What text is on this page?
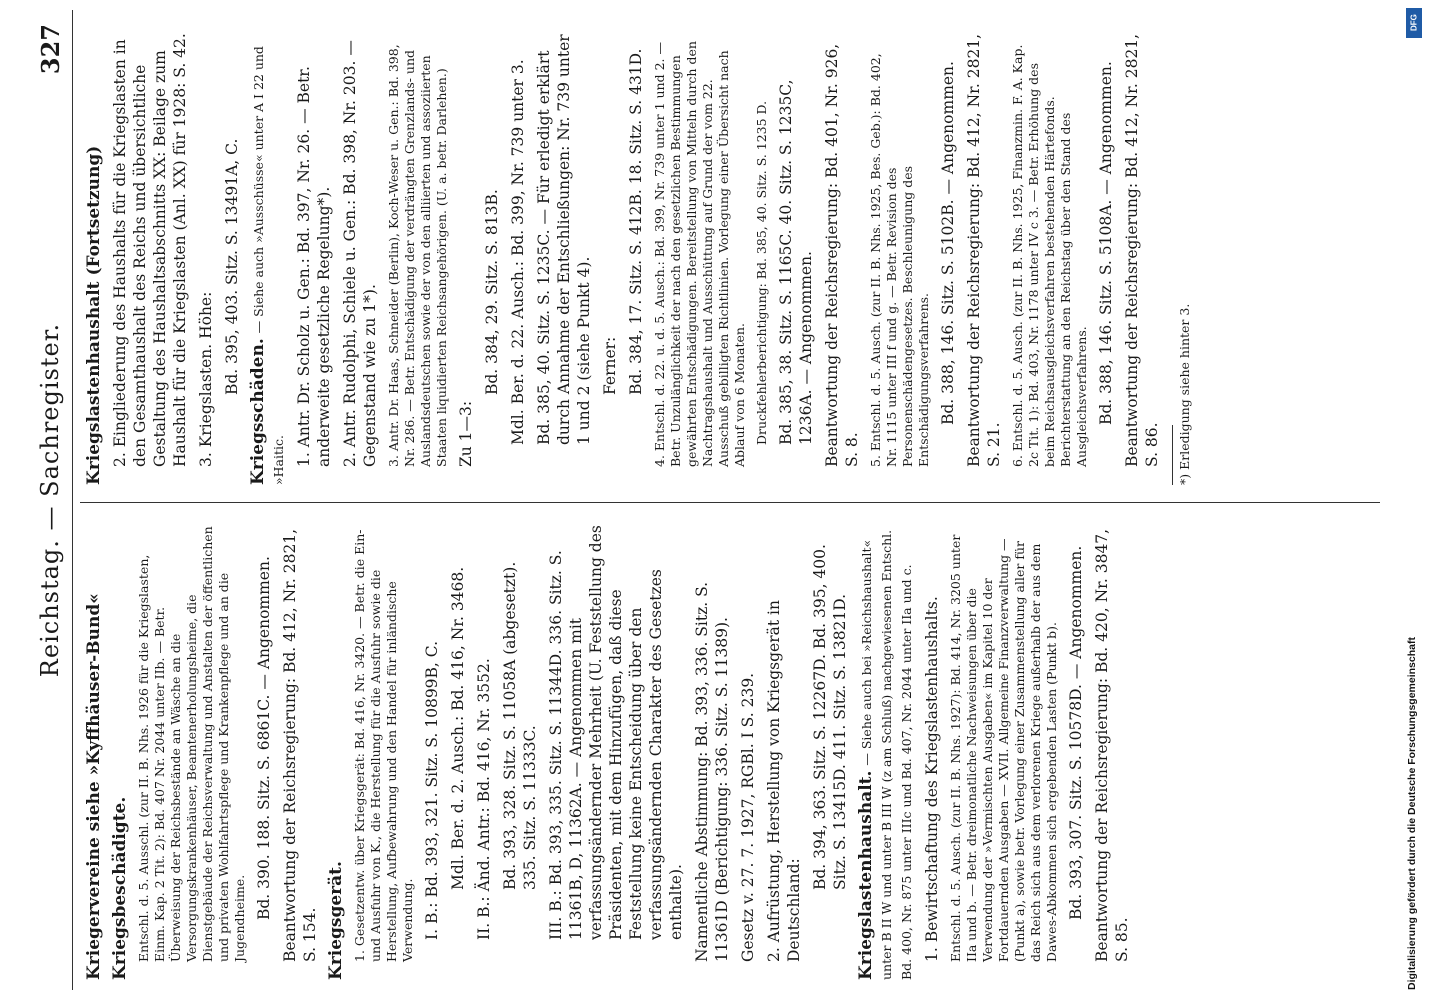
Reichstag. — Sachregister.
327

Kriegervereine siehe »Kyffhäuser-Bund« Kriegsbeschädigte. Entschl. d. 5. Ausschl. (zur II. B. Nhs. 1926 für die Kriegslasten, Einm. Kap. 2 Tit. 2): Bd. 407 Nr. 2044 unter IIb. — Betr. Überweisung der Reichsbestände an Wäsche an die Versorgungskrankenhäuser, Beamtenerholungsheime, die Dienstgebäude der Reichsverwaltung und Anstalten der öffentlichen und privaten Wohlfahrtspflege und Krankenpflege und an die Jugendheime. Bd. 390. 188. Sitz. S. 6861C. — Angenommen. Beantwortung der Reichsregierung: Bd. 412, Nr. 2821, S. 154. Kriegsgerät. 1. Gesetzentw. über Kriegsgerät: Bd. 416, Nr. 3420. — Betr. die Ein- und Ausfuhr von K., die Herstellung für die Ausfuhr sowie die Herstellung, Aufbewahrung und den Handel für inländische Verwendung. I. B.: Bd. 393, 321. Sitz. S. 10899B, C. Mdl. Ber. d. 2. Ausch.: Bd. 416, Nr. 3468. II. B.: Änd. Antr.: Bd. 416, Nr. 3552. Bd. 393, 328. Sitz. S. 11058A (abgesetzt). 335. Sitz. S. 11333C. III. B.: Bd. 393, 335. Sitz. S. 11344D. 336. Sitz. S. 11361B, D, 11362A. — Angenommen mit verfassungsändernder Mehrheit (U. Feststellung des Präsidenten, mit dem Hinzufügen, daß diese Feststellung keine Entscheidung über den verfassungsändernden Charakter des Gesetzes enthalte). Namentliche Abstimmung: Bd. 393, 336. Sitz. S. 11361D (Berichtigung: 336. Sitz. S. 11389). Gesetz v. 27. 7. 1927, RGBl. I S. 239. 2. Aufrüstung, Herstellung von Kriegsgerät in Deutschland:

Bd. 394, 363. Sitz. S. 12267D. Bd. 395, 400. Sitz. S. 13415D. 411. Sitz. S. 13821D. Kriegslastenhaushalt. — Siehe auch bei »Reichshaushalt« unter B II W und unter B III W (z am Schluß) nachgewiesenen Entschl. Bd. 400, Nr. 875 unter IIIc und Bd. 407, Nr. 2044 unter IIa und c. 1. Bewirtschaftung des Kriegslastenhaushalts. Entschl. d. 5. Ausch. (zur II. B. Nhs. 1927): Bd. 414, Nr. 3205 unter IIa und b. — Betr. dreimonatliche Nachweisungen über die Verwendung der »Vermischten Ausgaben« im Kapitel 10 der Fortdauernden Ausgaben — XVII. Allgemeine Finanzverwaltung — (Punkt a), sowie betr. Vorlegung einer Zusammenstellung aller für das Reich sich aus dem verlorenen Kriege außerhalb der aus dem Dawes-Abkommen sich ergebenden Lasten (Punkt b). Bd. 393, 307. Sitz. S. 10578D. — Angenommen. Beantwortung der Reichsregierung: Bd. 420, Nr. 3847, S. 85.

Kriegslastenhaushalt (Fortsetzung) 2. Eingliederung des Haushalts für die Kriegslasten in den Gesamthaushalt des Reichs und übersichtliche Gestaltung des Haushaltsabschnitts XX: Beilage zum Haushalt für die Kriegslasten (Anl. XX) für 1928: S. 42. 3. Kriegslasten. Höhe: Bd. 395, 403. Sitz. S. 13491A, C.

Kriegsschäden. — Siehe auch »Ausschüsse« unter A I 22 und »Haitic. 1. Antr. Dr. Scholz u. Gen.: Bd. 397, Nr. 26. — Betr. anderweite gesetzliche Regelung*). 2. Antr. Rudolphi, Schiele u. Gen.: Bd. 398, Nr. 203. — Gegenstand wie zu 1*). 3. Antr. Dr. Haas, Schneider (Berlin), Koch-Weser u. Gen.: Bd. 398, Nr. 286. — Betr. Entschädigung der verdrängten Grenzlands- und Auslandsdeutschen sowie der von den alliierten und assoziierten Staaten liquidierten Reichsangehörigen. (U. a. betr. Darlehen.) Zu 1—3:

Bd. 384, 29. Sitz. S. 813B. Mdl. Ber. d. 22. Ausch.: Bd. 399, Nr. 739 unter 3. Bd. 385, 40. Sitz. S. 1235C. — Für erledigt erklärt durch Annahme der Entschließungen: Nr. 739 unter 1 und 2 (siehe Punkt 4). Ferner: Bd. 384, 17. Sitz. S. 412B. 18. Sitz. S. 431D. 4. Entschl. d. 22. u. d. 5. Ausch.: Bd. 399, Nr. 739 unter 1 und 2. — Betr. Unzulänglichkeit der nach den gesetzlichen Bestimmungen gewährten Entschädigungen. Bereitstellung von Mitteln durch den Nachtragshaushalt und Ausschüttung auf Grund der vom 22. Ausschuß gebilligten Richtlinien. Vorlegung einer Übersicht nach Ablauf von 6 Monaten. Druckfehlerberichtigung: Bd. 385, 40. Sitz. S. 1235 D. Bd. 385, 38. Sitz. S. 1165C. 40. Sitz. S. 1235C, 1236A. — Angenommen. Beantwortung der Reichsregierung: Bd. 401, Nr. 926, S. 8. 5. Entschl. d. 5. Ausch. (zur II. B. Nhs. 1925, Bes. Geb.): Bd. 402, Nr. 1115 unter III f und g. — Betr. Revision des Personenschädengesetzes. Beschleunigung des Entschädigungsverfahrens. Bd. 388, 146. Sitz. S. 5102B. — Angenommen. Beantwortung der Reichsregierung: Bd. 412, Nr. 2821, S. 21. 6. Entschl. d. 5. Ausch. (zur II. B. Nhs. 1925, Finanzmin. F. A. Kap. 2c Tit. 1): Bd. 403, Nr. 1178 unter IV c 3. — Betr. Erhöhung des beim Reichsausgleichsverfahren bestehenden Härtefonds. Berichterstattung an den Reichstag über den Stand des Ausgleichsverfahrens. Bd. 388, 146. Sitz. S. 5108A. — Angenommen. Beantwortung der Reichsregierung: Bd. 412, Nr. 2821, S. 86. *) Erledigung siehe hinter 3.

DFG
Digitalisierung gefördert durch die Deutsche Forschungsgemeinschaft
